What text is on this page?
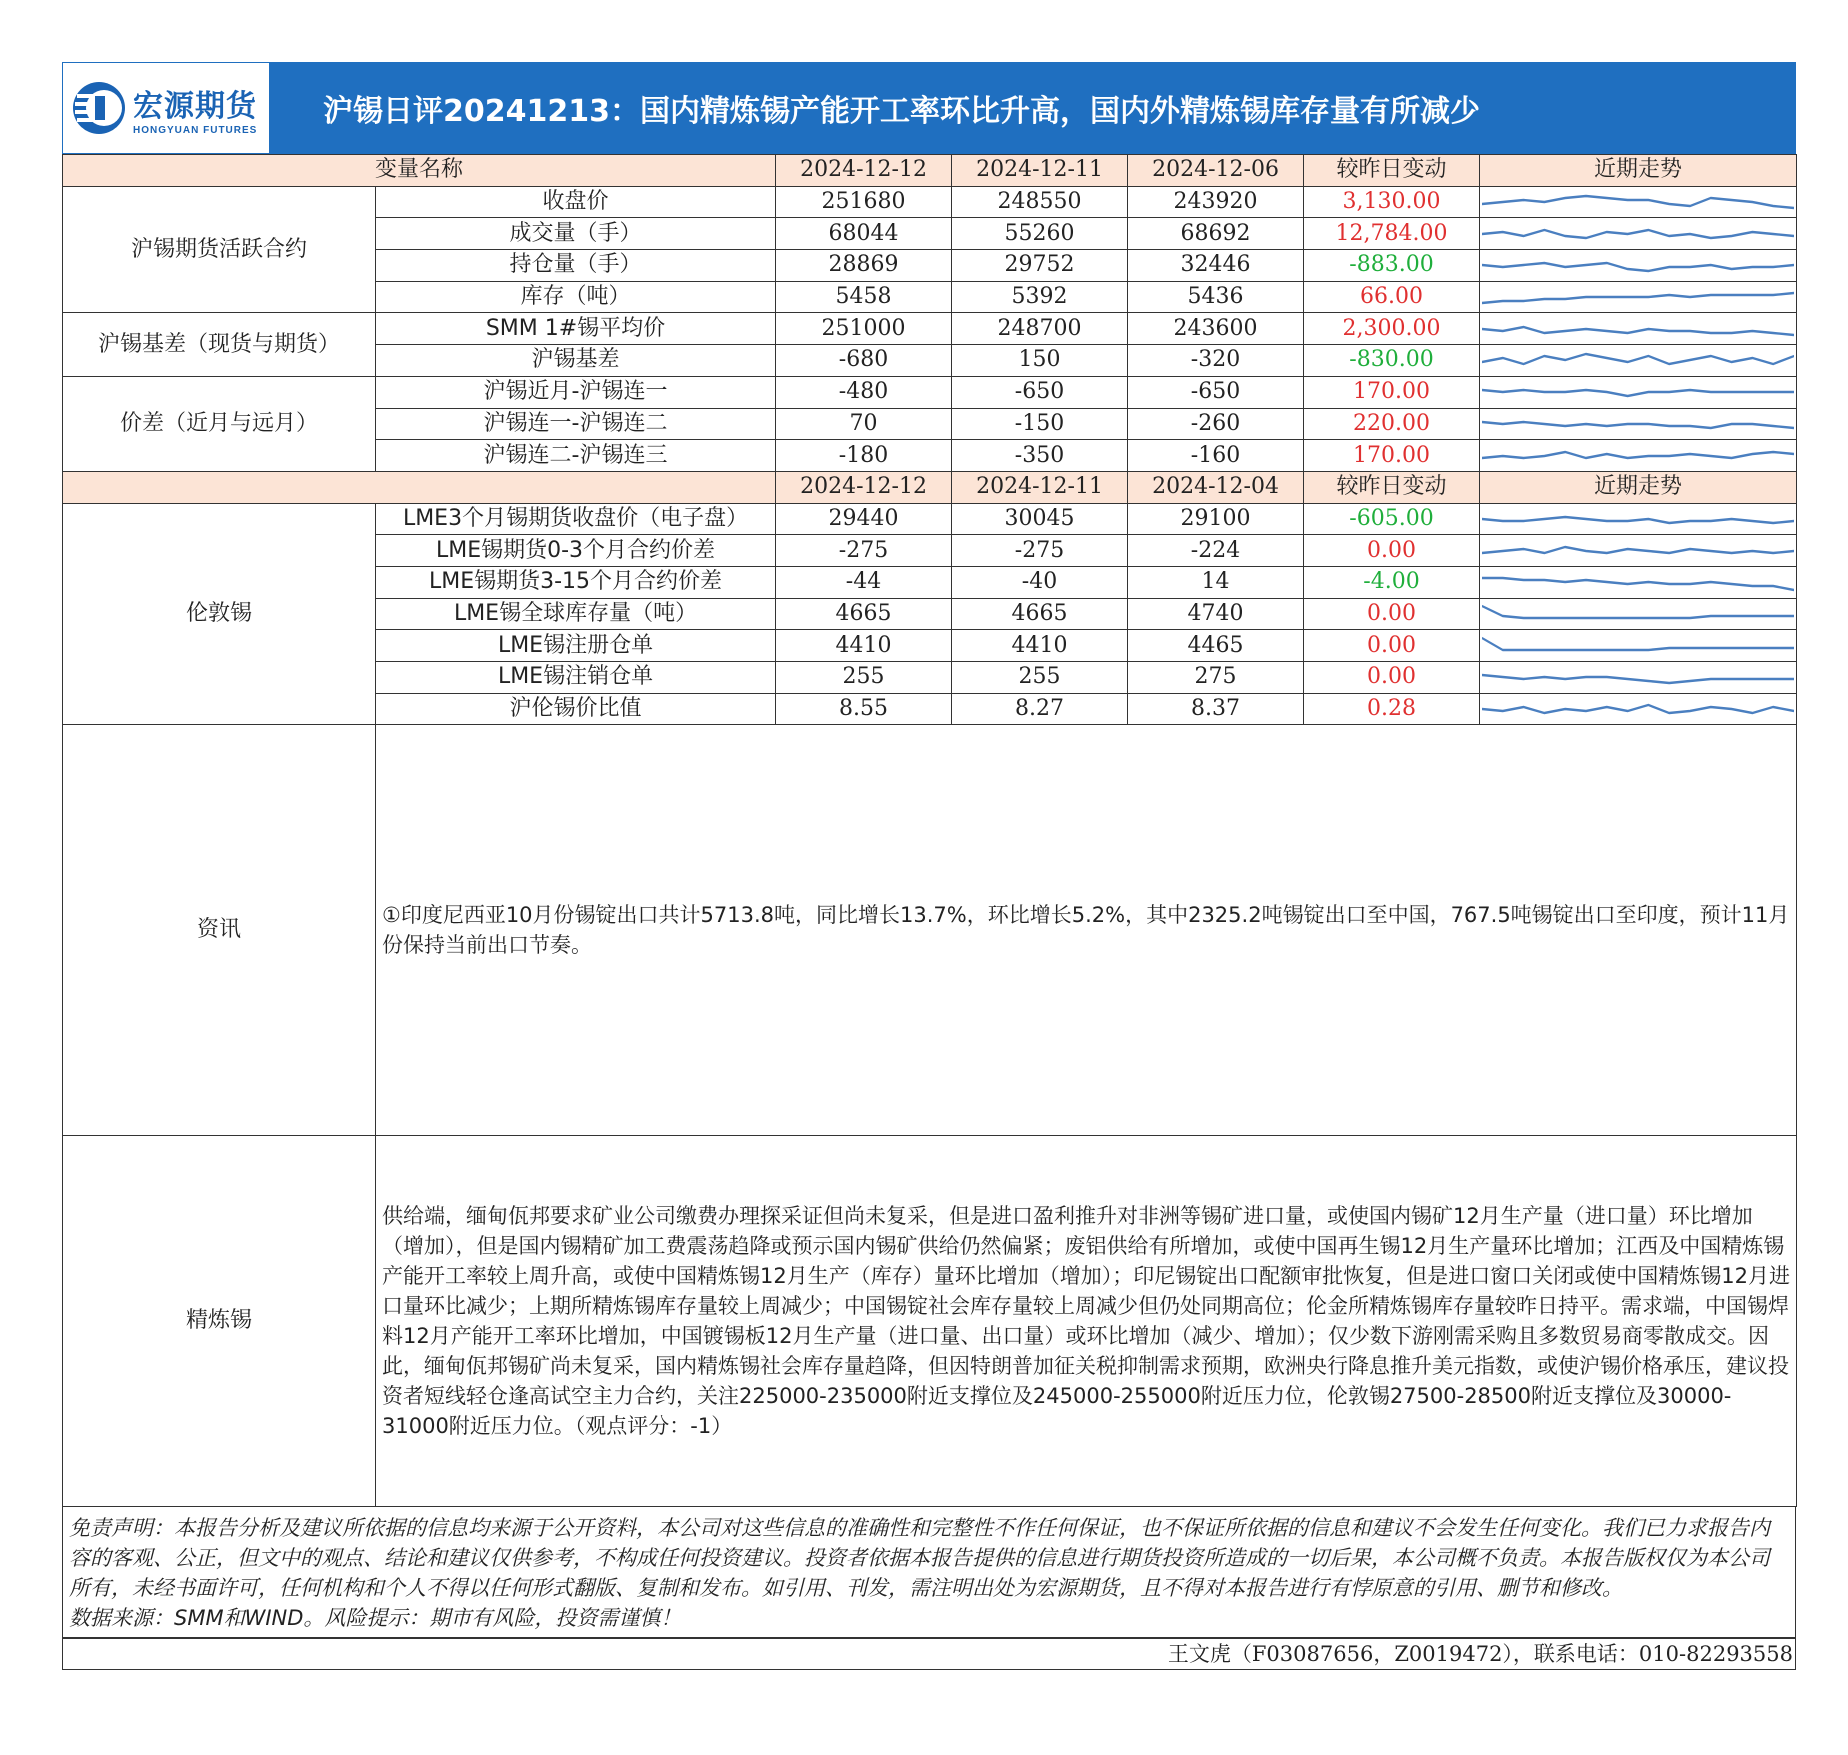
宏源期货
HONGYUAN FUTURES
沪锡日评20241213：国内精炼锡产能开工率环比升高，国内外精炼锡库存量有所减少
变量名称		2024-12-12	2024-12-11	2024-12-06	较昨日变动	近期走势
沪锡期货活跃合约	收盘价	251680	248550	243920	3,130.00	

	成交量（手）	68044	55260	68692	12,784.00	

	持仓量（手）	28869	29752	32446	-883.00	

	库存（吨）	5458	5392	5436	66.00	

沪锡基差（现货与期货）	SMM 1#锡平均价	251000	248700	243600	2,300.00	

	沪锡基差	-680	150	-320	-830.00	

价差（近月与远月）	沪锡近月-沪锡连一	-480	-650	-650	170.00	

	沪锡连一-沪锡连二	70	-150	-260	220.00	

	沪锡连二-沪锡连三	-180	-350	-160	170.00	

		2024-12-12	2024-12-11	2024-12-04	较昨日变动	近期走势
伦敦锡	LME3个月锡期货收盘价（电子盘）	29440	30045	29100	-605.00	

	LME锡期货0-3个月合约价差	-275	-275	-224	0.00	

	LME锡期货3-15个月合约价差	-44	-40	14	-4.00	

	LME锡全球库存量（吨）	4665	4665	4740	0.00	

	LME锡注册仓单	4410	4410	4465	0.00	

	LME锡注销仓单	255	255	275	0.00	

	沪伦锡价比值	8.55	8.27	8.37	0.28	

资讯	①印度尼西亚10月份锡锭出口共计5713.8吨，同比增长13.7%，环比增长5.2%，其中2325.2吨锡锭出口至中国，767.5吨锡锭出口至印度，预计11月份保持当前出口节奏。					
精炼锡	供给端，缅甸佤邦要求矿业公司缴费办理探采证但尚未复采，但是进口盈利推升对非洲等锡矿进口量，或使国内锡矿12月生产量（进口量）环比增加（增加），但是国内锡精矿加工费震荡趋降或预示国内锡矿供给仍然偏紧；废铝供给有所增加，或使中国再生锡12月生产量环比增加；江西及中国精炼锡产能开工率较上周升高，或使中国精炼锡12月生产（库存）量环比增加（增加）；印尼锡锭出口配额审批恢复，但是进口窗口关闭或使中国精炼锡12月进口量环比减少；上期所精炼锡库存量较上周减少；中国锡锭社会库存量较上周减少但仍处同期高位；伦金所精炼锡库存量较昨日持平。需求端，中国锡焊料12月产能开工率环比增加，中国镀锡板12月生产量（进口量、出口量）或环比增加（减少、增加）；仅少数下游刚需采购且多数贸易商零散成交。因此，缅甸佤邦锡矿尚未复采，国内精炼锡社会库存量趋降，但因特朗普加征关税抑制需求预期，欧洲央行降息推升美元指数，或使沪锡价格承压，建议投资者短线轻仓逢高试空主力合约，关注225000-235000附近支撑位及245000-255000附近压力位，伦敦锡27500-28500附近支撑位及30000-31000附近压力位。（观点评分：-1）					
免责声明：本报告分析及建议所依据的信息均来源于公开资料，本公司对这些信息的准确性和完整性不作任何保证，也不保证所依据的信息和建议不会发生任何变化。我们已力求报告内容的客观、公正，但文中的观点、结论和建议仅供参考，不构成任何投资建议。投资者依据本报告提供的信息进行期货投资所造成的一切后果，本公司概不负责。本报告版权仅为本公司所有，未经书面许可，任何机构和个人不得以任何形式翻版、复制和发布。如引用、刊发，需注明出处为宏源期货，且不得对本报告进行有悖原意的引用、删节和修改。
数据来源：SMM和WIND。风险提示：期市有风险，投资需谨慎！
王文虎（F03087656，Z0019472），联系电话：010-82293558
